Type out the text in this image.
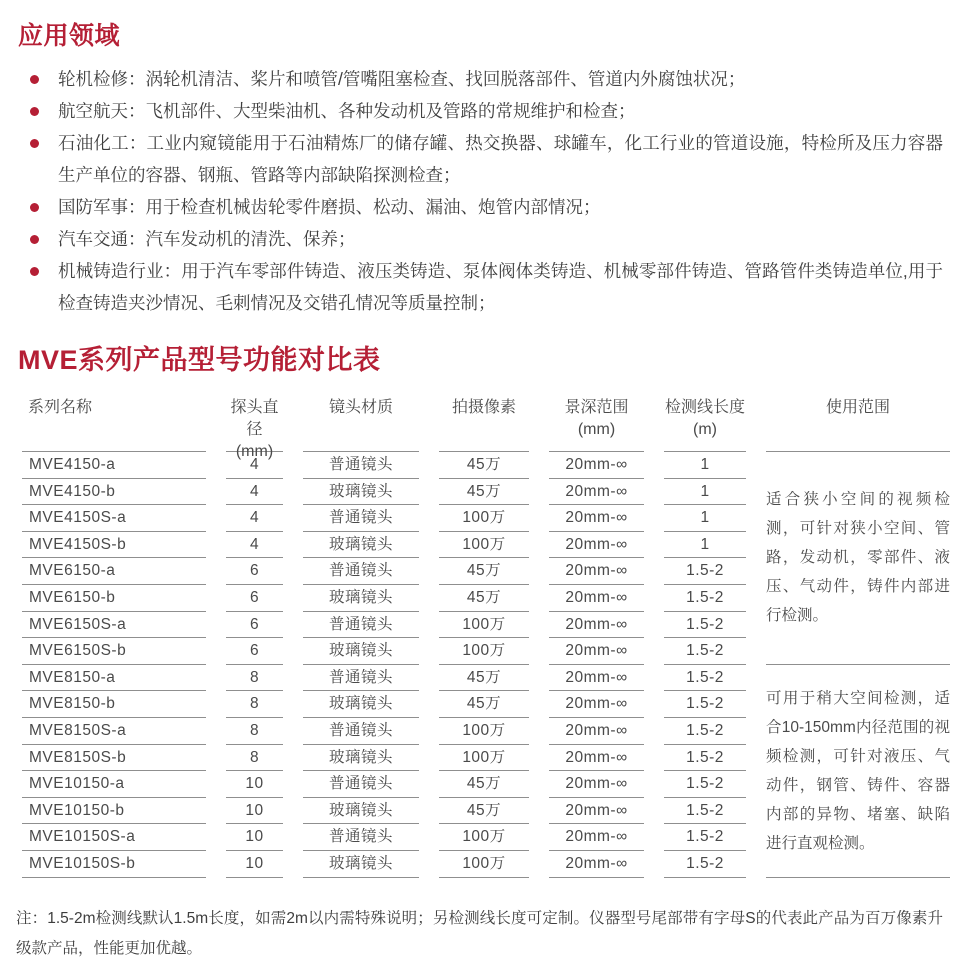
应用领域
轮机检修：涡轮机清洁、桨片和喷管/管嘴阻塞检查、找回脱落部件、管道内外腐蚀状况；
航空航天：飞机部件、大型柴油机、各种发动机及管路的常规维护和检查；
石油化工：工业内窥镜能用于石油精炼厂的储存罐、热交换器、球罐车，化工行业的管道设施，特检所及压力容器生产单位的容器、钢瓶、管路等内部缺陷探测检查；
国防军事：用于检查机械齿轮零件磨损、松动、漏油、炮管内部情况；
汽车交通：汽车发动机的清洗、保养；
机械铸造行业：用于汽车零部件铸造、液压类铸造、泵体阀体类铸造、机械零部件铸造、管路管件类铸造单位,用于检查铸造夹沙情况、毛刺情况及交错孔情况等质量控制；
MVE系列产品型号功能对比表
系列名称
MVE4150-a
MVE4150-b
MVE4150S-a
MVE4150S-b
MVE6150-a
MVE6150-b
MVE6150S-a
MVE6150S-b
MVE8150-a
MVE8150-b
MVE8150S-a
MVE8150S-b
MVE10150-a
MVE10150-b
MVE10150S-a
MVE10150S-b
探头直径
(mm)
4
4
4
4
6
6
6
6
8
8
8
8
10
10
10
10
镜头材质
普通镜头
玻璃镜头
普通镜头
玻璃镜头
普通镜头
玻璃镜头
普通镜头
玻璃镜头
普通镜头
玻璃镜头
普通镜头
玻璃镜头
普通镜头
玻璃镜头
普通镜头
玻璃镜头
拍摄像素
45万
45万
100万
100万
45万
45万
100万
100万
45万
45万
100万
100万
45万
45万
100万
100万
景深范围
(mm)
20mm-∞
20mm-∞
20mm-∞
20mm-∞
20mm-∞
20mm-∞
20mm-∞
20mm-∞
20mm-∞
20mm-∞
20mm-∞
20mm-∞
20mm-∞
20mm-∞
20mm-∞
20mm-∞
检测线长度
(m)
1
1
1
1
1.5-2
1.5-2
1.5-2
1.5-2
1.5-2
1.5-2
1.5-2
1.5-2
1.5-2
1.5-2
1.5-2
1.5-2
使用范围

适合狭小空间的视频检测，可针对狭小空间、管路，发动机，零部件、液压、气动件，铸件内部进行检测。

可用于稍大空间检测，适合10-150mm内径范围的视频检测，可针对液压、气动件，钢管、铸件、容器内部的异物、堵塞、缺陷进行直观检测。

注：1.5-2m检测线默认1.5m长度，如需2m以内需特殊说明；另检测线长度可定制。仪器型号尾部带有字母S的代表此产品为百万像素升级款产品，性能更加优越。
